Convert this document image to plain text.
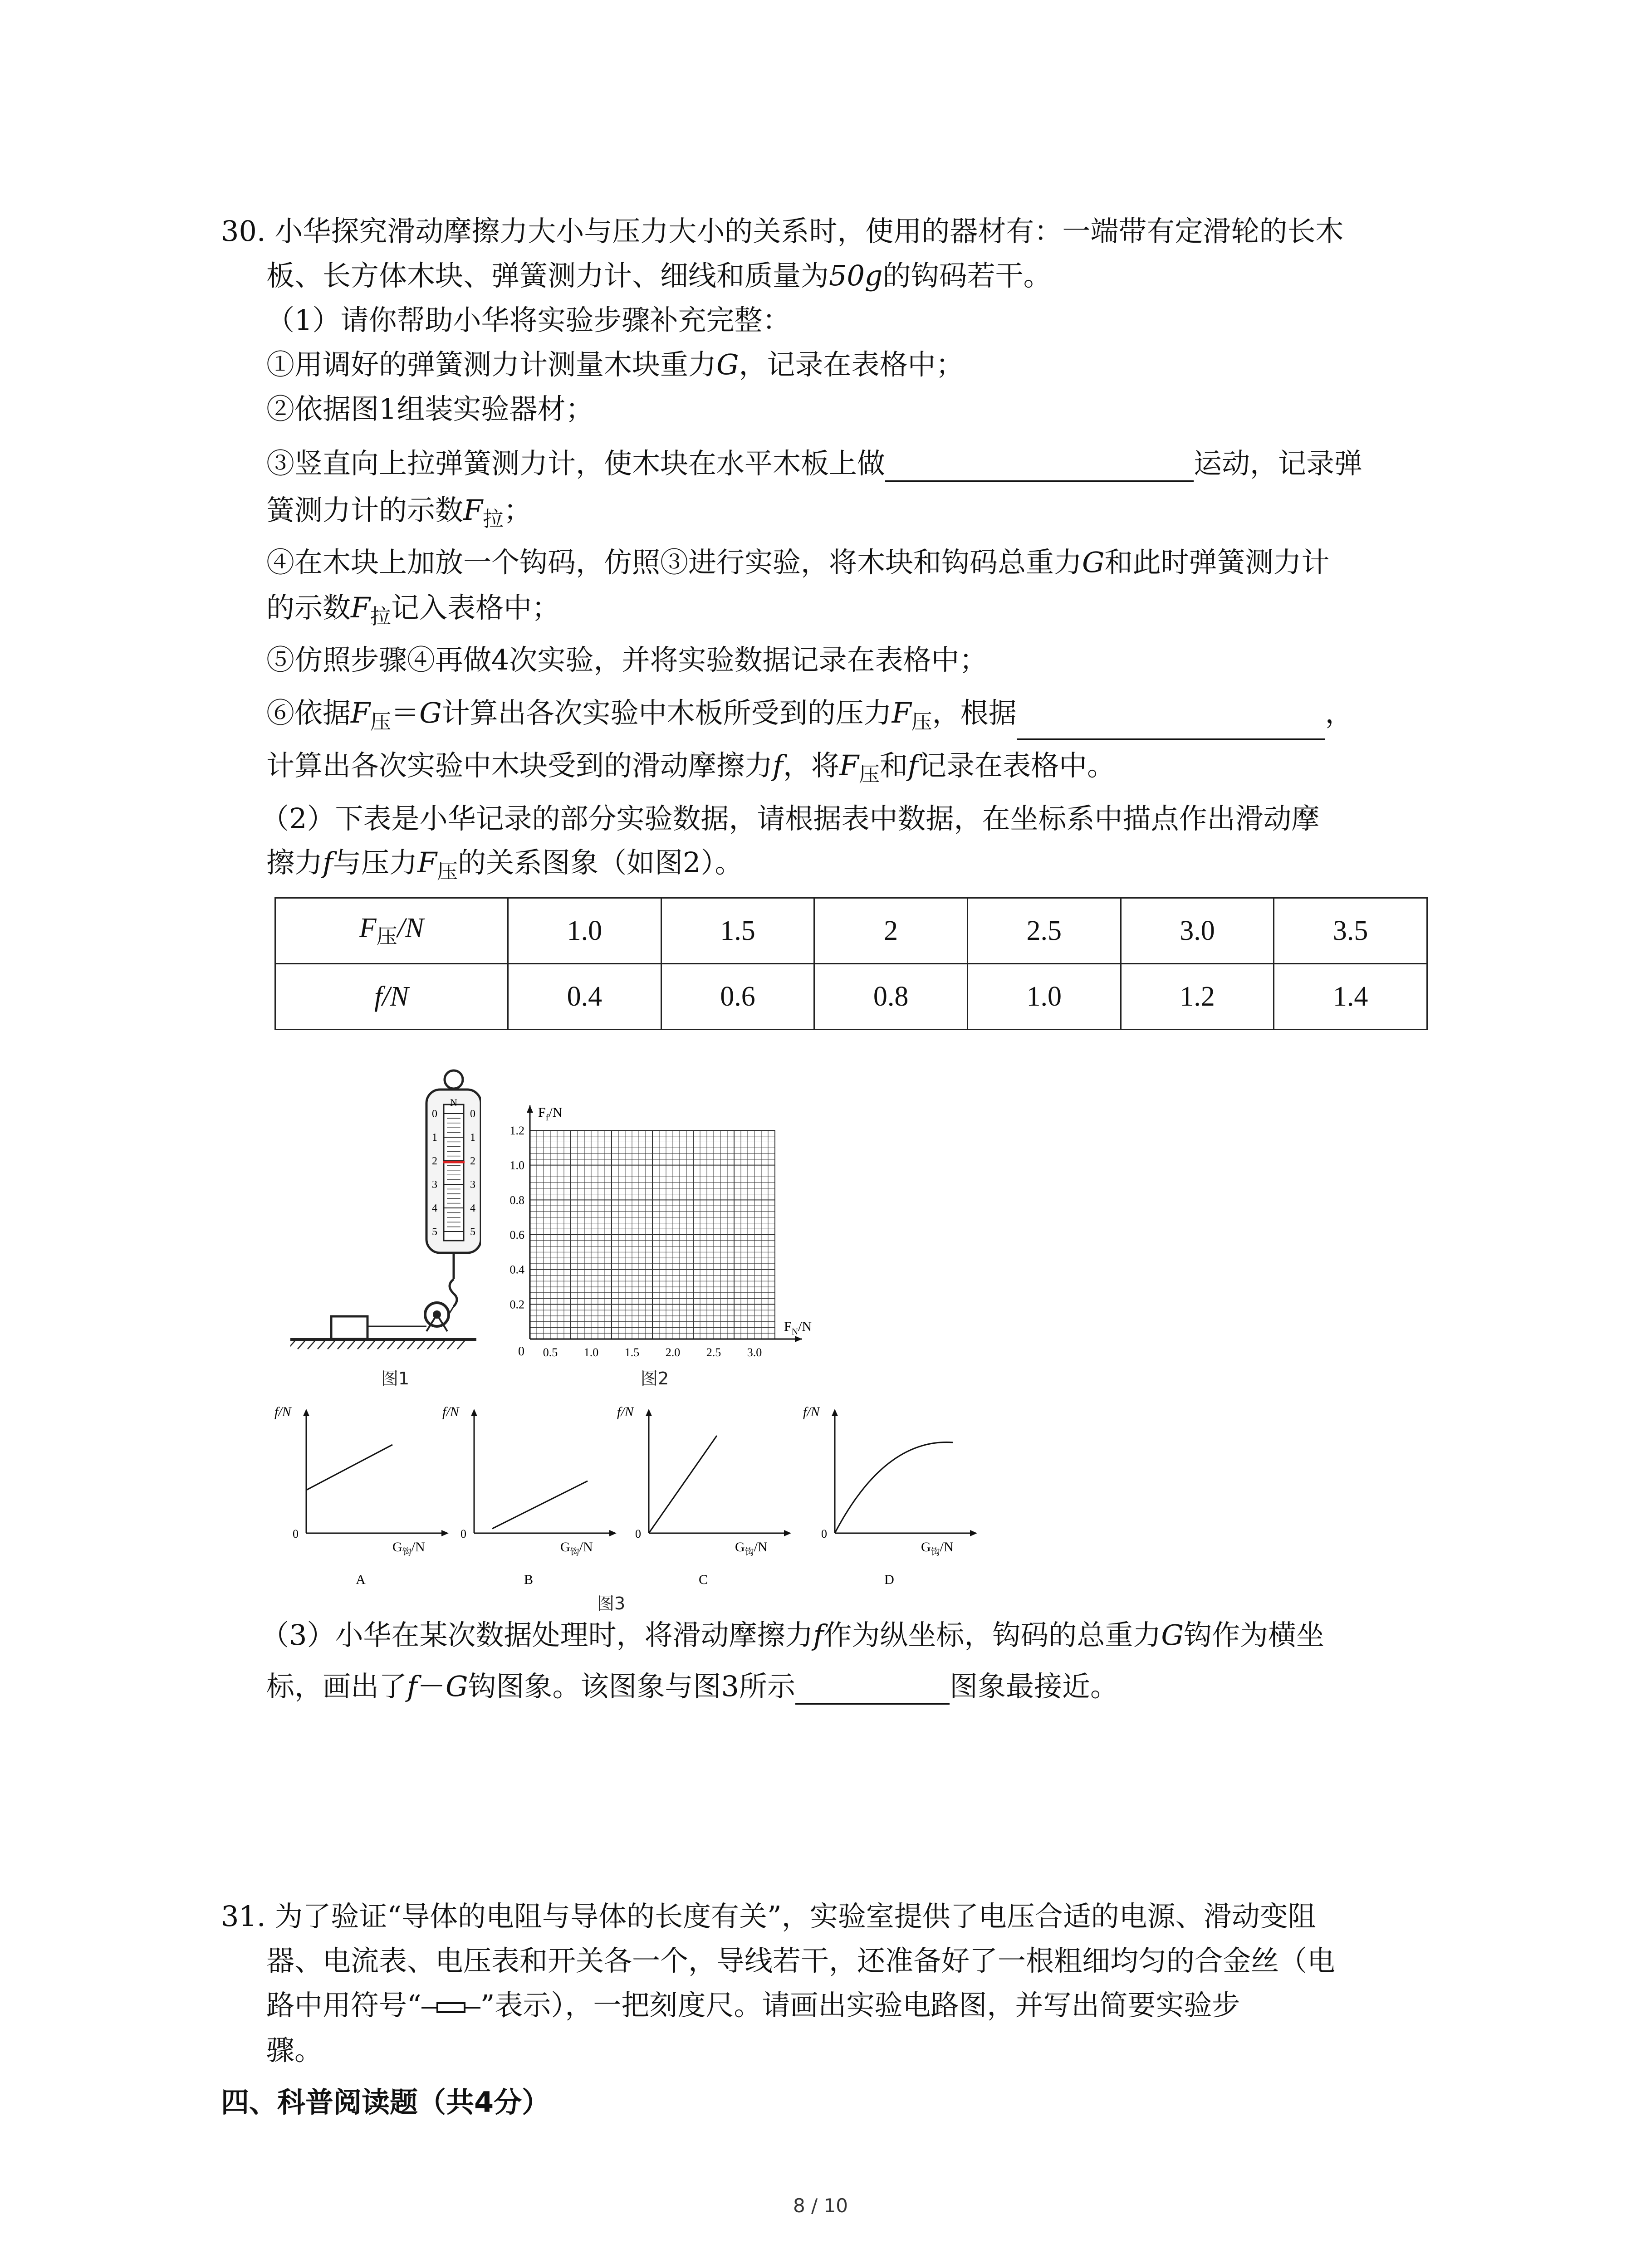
30. 小华探究滑动摩擦力大小与压力大小的关系时，使用的器材有：一端带有定滑轮的长木
板、长方体木块、弹簧测力计、细线和质量为50g的钩码若干。
（1）请你帮助小华将实验步骤补充完整：
①用调好的弹簧测力计测量木块重力G，记录在表格中；
②依据图1组装实验器材；
③竖直向上拉弹簧测力计，使木块在水平木板上做	运动，记录弹
簧测力计的示数$F_拉$；
④在木块上加放一个钩码，仿照③进行实验，将木块和钩码总重力G和此时弹簧测力计
的示数$F_拉$记入表格中；
⑤仿照步骤④再做4次实验，并将实验数据记录在表格中；
⑥依据$F_压=G$计算出各次实验中木板所受到的压力$F_压$，根据	，
计算出各次实验中木块受到的滑动摩擦力f，将$F_压$和f记录在表格中。
（2）下表是小华记录的部分实验数据，请根据表中数据，在坐标系中描点作出滑动摩
擦力f与压力$F_压$的关系图象（如图2）。
$F_压/N$	1.0	1.5	2	2.5	3.0	3.5
f/N	0.4	0.6	0.8	1.0	1.2	1.4
N
0
1
2
3
4
5
0
1
2
3
4
5
图1
0
0.2
0.4
0.6
0.8
1.0
1.2
0.5 1.0 1.5 2.0 2.5 3.0
$F_f/N$
$F_N/N$
图2
f/N
0
$G_钩/N$
A
f/N
0
$G_钩/N$
B
f/N
0
$G_钩/N$
C
f/N
0
$G_钩/N$
D
图3
（3）小华在某次数据处理时，将滑动摩擦力f作为纵坐标，钩码的总重力G钩作为横坐
标，画出了f－G钩图象。该图象与图3所示	图象最接近。
31. 为了验证“导体的电阻与导体的长度有关”，实验室提供了电压合适的电源、滑动变阻
器、电流表、电压表和开关各一个，导线若干，还准备好了一根粗细均匀的合金丝（电
路中用符号“ ”表示），一把刻度尺。请画出实验电路图，并写出简要实验步
骤。
四、科普阅读题（共4分）
8 / 10
